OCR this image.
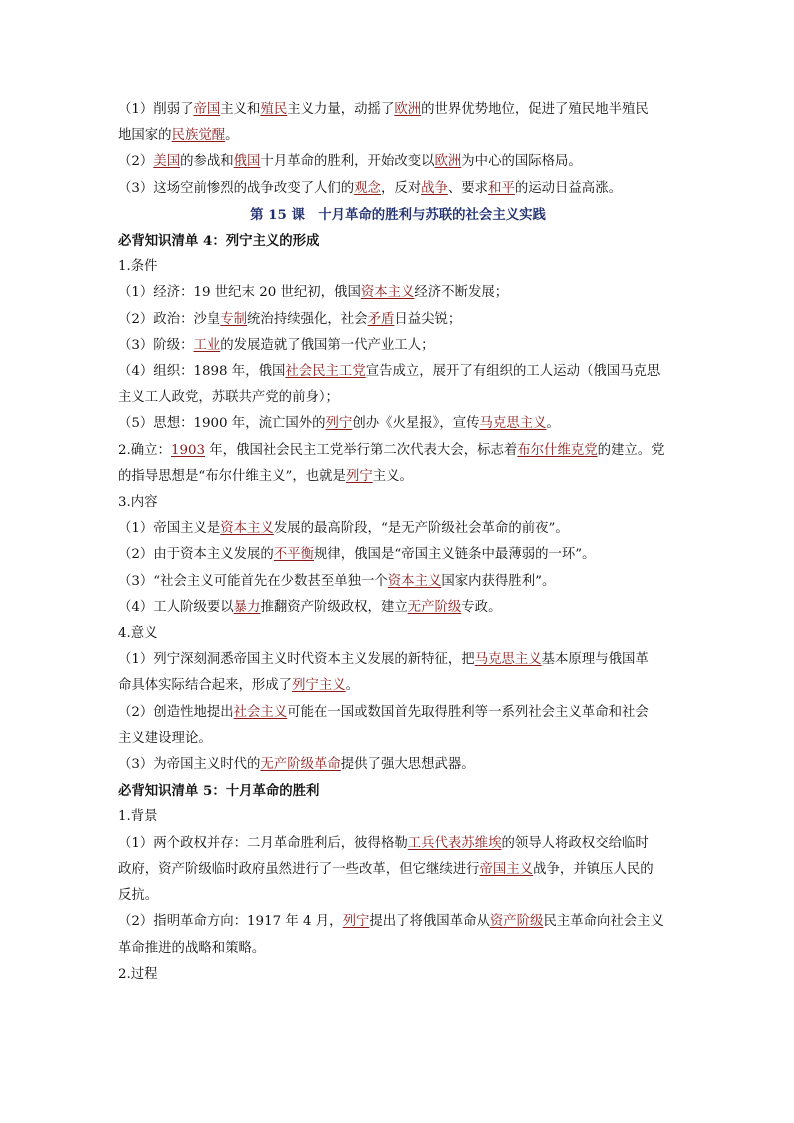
（1）削弱了帝国主义和殖民主义力量，动摇了欧洲的世界优势地位，促进了殖民地半殖民

地国家的民族觉醒。

（2）美国的参战和俄国十月革命的胜利，开始改变以欧洲为中心的国际格局。

（3）这场空前惨烈的战争改变了人们的观念，反对战争、要求和平的运动日益高涨。

第 15 课　十月革命的胜利与苏联的社会主义实践

必背知识清单 4：列宁主义的形成

1.条件

（1）经济：19 世纪末 20 世纪初，俄国资本主义经济不断发展；

（2）政治：沙皇专制统治持续强化，社会矛盾日益尖锐；

（3）阶级：工业的发展造就了俄国第一代产业工人；

（4）组织：1898 年，俄国社会民主工党宣告成立，展开了有组织的工人运动（俄国马克思

主义工人政党，苏联共产党的前身）；

（5）思想：1900 年，流亡国外的列宁创办《火星报》，宣传马克思主义。

2.确立：1903 年，俄国社会民主工党举行第二次代表大会，标志着布尔什维克党的建立。党

的指导思想是“布尔什维主义”，也就是列宁主义。

3.内容

（1）帝国主义是资本主义发展的最高阶段，“是无产阶级社会革命的前夜”。

（2）由于资本主义发展的不平衡规律，俄国是“帝国主义链条中最薄弱的一环”。

（3）“社会主义可能首先在少数甚至单独一个资本主义国家内获得胜利”。

（4）工人阶级要以暴力推翻资产阶级政权，建立无产阶级专政。

4.意义

（1）列宁深刻洞悉帝国主义时代资本主义发展的新特征，把马克思主义基本原理与俄国革

命具体实际结合起来，形成了列宁主义。

（2）创造性地提出社会主义可能在一国或数国首先取得胜利等一系列社会主义革命和社会

主义建设理论。

（3）为帝国主义时代的无产阶级革命提供了强大思想武器。

必背知识清单 5：十月革命的胜利

1.背景

（1）两个政权并存：二月革命胜利后，彼得格勒工兵代表苏维埃的领导人将政权交给临时

政府，资产阶级临时政府虽然进行了一些改革，但它继续进行帝国主义战争，并镇压人民的

反抗。

（2）指明革命方向：1917 年 4 月，列宁提出了将俄国革命从资产阶级民主革命向社会主义

革命推进的战略和策略。

2.过程
